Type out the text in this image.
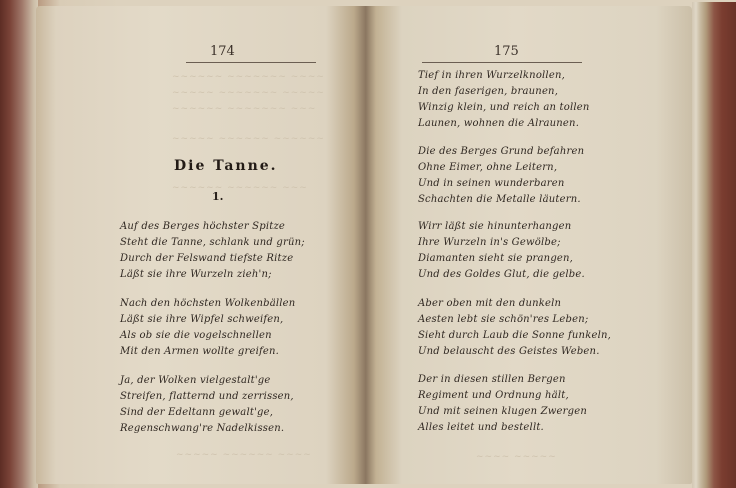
174
~~~~~~ ~~~~~~~ ~~~~
~~~~~ ~~~~~~~ ~~~~~
~~~~~~ ~~~~~~~ ~~~
~~~~~ ~~~~~~ ~~~~~~
~~~~~~ ~~~~~~ ~~~
Die Tanne.
1.
Auf des Berges höchster Spitze
Steht die Tanne, schlank und grün;
Durch der Felswand tiefste Ritze
Läßt sie ihre Wurzeln zieh'n;
Nach den höchsten Wolkenbällen
Läßt sie ihre Wipfel schweifen,
Als ob sie die vogelschnellen
Mit den Armen wollte greifen.
Ja, der Wolken vielgestalt'ge
Streifen, flatternd und zerrissen,
Sind der Edeltann gewalt'ge,
Regenschwang're Nadelkissen.
~~~~~ ~~~~~~ ~~~~
175
Tief in ihren Wurzelknollen,
In den faserigen, braunen,
Winzig klein, und reich an tollen
Launen, wohnen die Alraunen.
Die des Berges Grund befahren
Ohne Eimer, ohne Leitern,
Und in seinen wunderbaren
Schachten die Metalle läutern.
Wirr läßt sie hinunterhangen
Ihre Wurzeln in's Gewölbe;
Diamanten sieht sie prangen,
Und des Goldes Glut, die gelbe.
Aber oben mit den dunkeln
Aesten lebt sie schön'res Leben;
Sieht durch Laub die Sonne funkeln,
Und belauscht des Geistes Weben.
Der in diesen stillen Bergen
Regiment und Ordnung hält,
Und mit seinen klugen Zwergen
Alles leitet und bestellt.
~~~~ ~~~~~
